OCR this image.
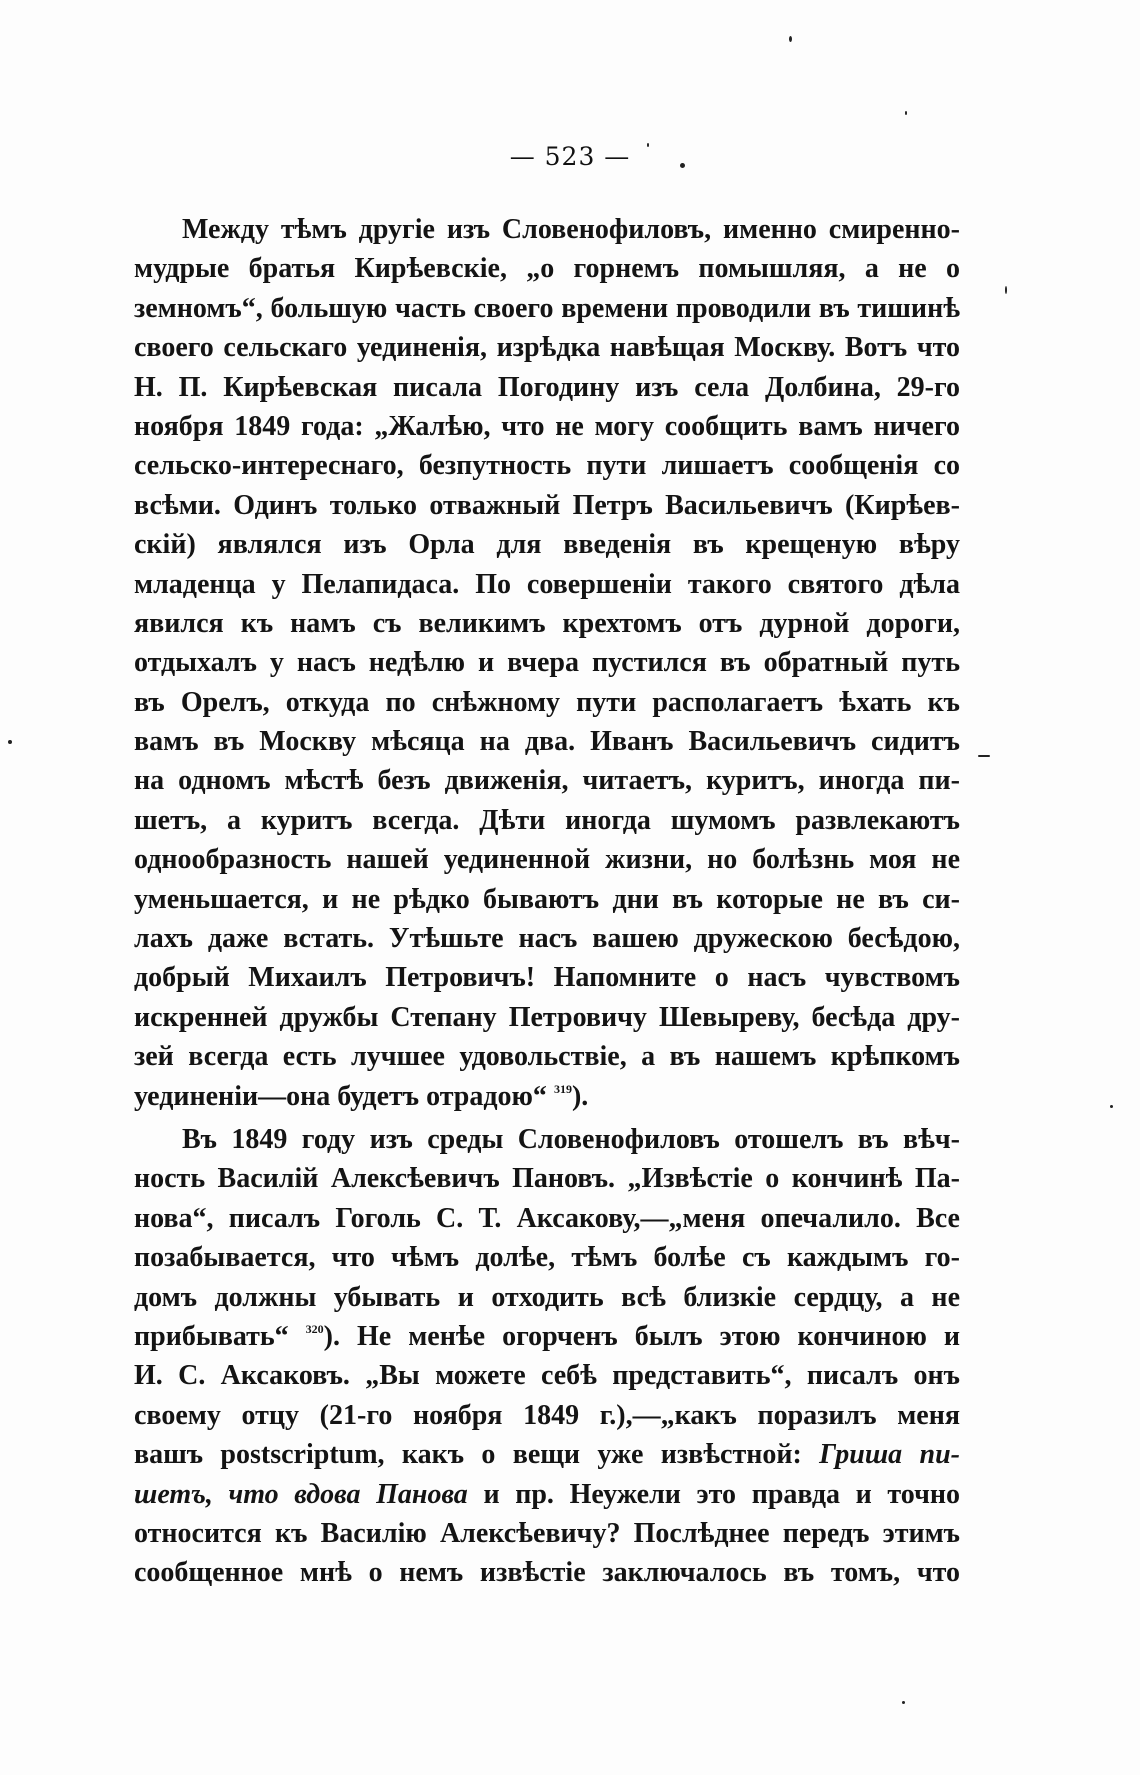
— 523 —
Между тѣмъ другіе изъ Словенофиловъ, именно смиренно-
мудрые братья Кирѣевскіе, „о горнемъ помышляя, а не о
земномъ“, большую часть своего времени проводили въ тишинѣ
своего сельскаго уединенія, изрѣдка навѣщая Москву. Вотъ что
Н. П. Кирѣевская писала Погодину изъ села Долбина, 29-го
ноября 1849 года: „Жалѣю, что не могу сообщить вамъ ничего
сельско-интереснаго, безпутность пути лишаетъ сообщенія со
всѣми. Одинъ только отважный Петръ Васильевичъ (Кирѣев-
скій) являлся изъ Орла для введенія въ крещеную вѣру
младенца у Пелапидаса. По совершеніи такого святого дѣла
явился къ намъ съ великимъ крехтомъ отъ дурной дороги,
отдыхалъ у насъ недѣлю и вчера пустился въ обратный путь
въ Орелъ, откуда по снѣжному пути располагаетъ ѣхать къ
вамъ въ Москву мѣсяца на два. Иванъ Васильевичъ сидитъ
на одномъ мѣстѣ безъ движенія, читаетъ, куритъ, иногда пи-
шетъ, а куритъ всегда. Дѣти иногда шумомъ развлекаютъ
однообразность нашей уединенной жизни, но болѣзнь моя не
уменьшается, и не рѣдко бываютъ дни въ которые не въ си-
лахъ даже встать. Утѣшьте насъ вашею дружескою бесѣдою,
добрый Михаилъ Петровичъ! Напомните о насъ чувствомъ
искренней дружбы Степану Петровичу Шевыреву, бесѣда дру-
зей всегда есть лучшее удовольствіе, а въ нашемъ крѣпкомъ
уединеніи—она будетъ отрадою“ $^{319}$).
Въ 1849 году изъ среды Словенофиловъ отошелъ въ вѣч-
ность Василій Алексѣевичъ Пановъ. „Извѣстіе о кончинѣ Па-
нова“, писалъ Гоголь С. Т. Аксакову,—„меня опечалило. Все
позабывается, что чѣмъ долѣе, тѣмъ болѣе съ каждымъ го-
домъ должны убывать и отходить всѣ близкіе сердцу, а не
прибывать“ $^{320}$). Не менѣе огорченъ былъ этою кончиною и
И. С. Аксаковъ. „Вы можете себѣ представить“, писалъ онъ
своему отцу (21-го ноября 1849 г.),—„какъ поразилъ меня
вашъ postscriptum, какъ о вещи уже извѣстной: Гриша пи-
шетъ, что вдова Панова и пр. Неужели это правда и точно
относится къ Василію Алексѣевичу? Послѣднее передъ этимъ
сообщенное мнѣ о немъ извѣстіе заключалось въ томъ, что
